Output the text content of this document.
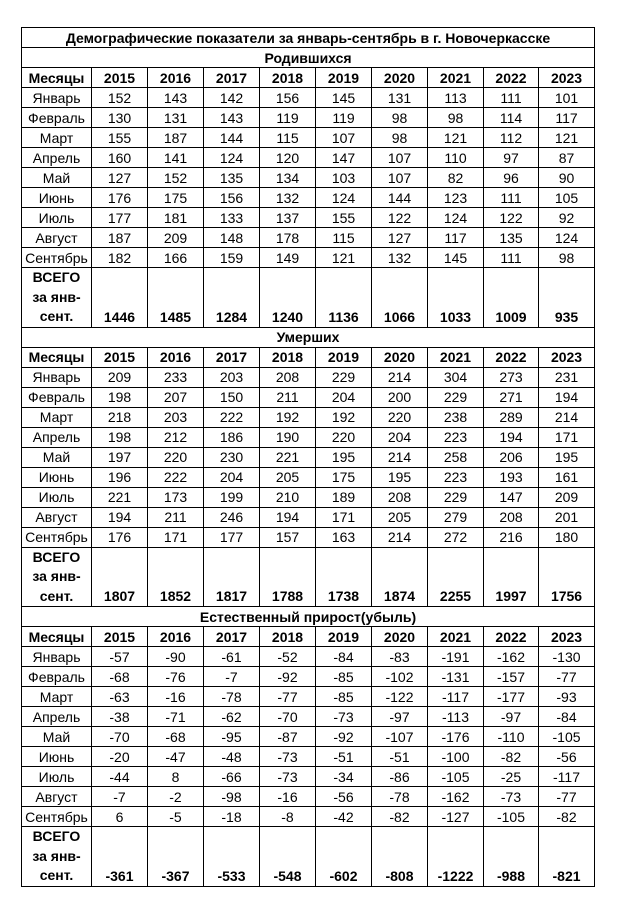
Демографические показатели за январь-сентябрь в г. Новочеркасске									
Родившихся									
Месяцы	2015	2016	2017	2018	2019	2020	2021	2022	2023
Январь	152	143	142	156	145	131	113	111	101
Февраль	130	131	143	119	119	98	98	114	117
Март	155	187	144	115	107	98	121	112	121
Апрель	160	141	124	120	147	107	110	97	87
Май	127	152	135	134	103	107	82	96	90
Июнь	176	175	156	132	124	144	123	111	105
Июль	177	181	133	137	155	122	124	122	92
Август	187	209	148	178	115	127	117	135	124
Сентябрь	182	166	159	149	121	132	145	111	98

ВСЕГО
за янв-
сент.	1446	1485	1284	1240	1136	1066	1033	1009	935
Умерших									
Месяцы	2015	2016	2017	2018	2019	2020	2021	2022	2023
Январь	209	233	203	208	229	214	304	273	231
Февраль	198	207	150	211	204	200	229	271	194
Март	218	203	222	192	192	220	238	289	214
Апрель	198	212	186	190	220	204	223	194	171
Май	197	220	230	221	195	214	258	206	195
Июнь	196	222	204	205	175	195	223	193	161
Июль	221	173	199	210	189	208	229	147	209
Август	194	211	246	194	171	205	279	208	201
Сентябрь	176	171	177	157	163	214	272	216	180

ВСЕГО
за янв-
сент.	1807	1852	1817	1788	1738	1874	2255	1997	1756
Естественный прирост(убыль)									
Месяцы	2015	2016	2017	2018	2019	2020	2021	2022	2023
Январь	-57	-90	-61	-52	-84	-83	-191	-162	-130
Февраль	-68	-76	-7	-92	-85	-102	-131	-157	-77
Март	-63	-16	-78	-77	-85	-122	-117	-177	-93
Апрель	-38	-71	-62	-70	-73	-97	-113	-97	-84
Май	-70	-68	-95	-87	-92	-107	-176	-110	-105
Июнь	-20	-47	-48	-73	-51	-51	-100	-82	-56
Июль	-44	8	-66	-73	-34	-86	-105	-25	-117
Август	-7	-2	-98	-16	-56	-78	-162	-73	-77
Сентябрь	6	-5	-18	-8	-42	-82	-127	-105	-82

ВСЕГО
за янв-
сент.	-361	-367	-533	-548	-602	-808	-1222	-988	-821
